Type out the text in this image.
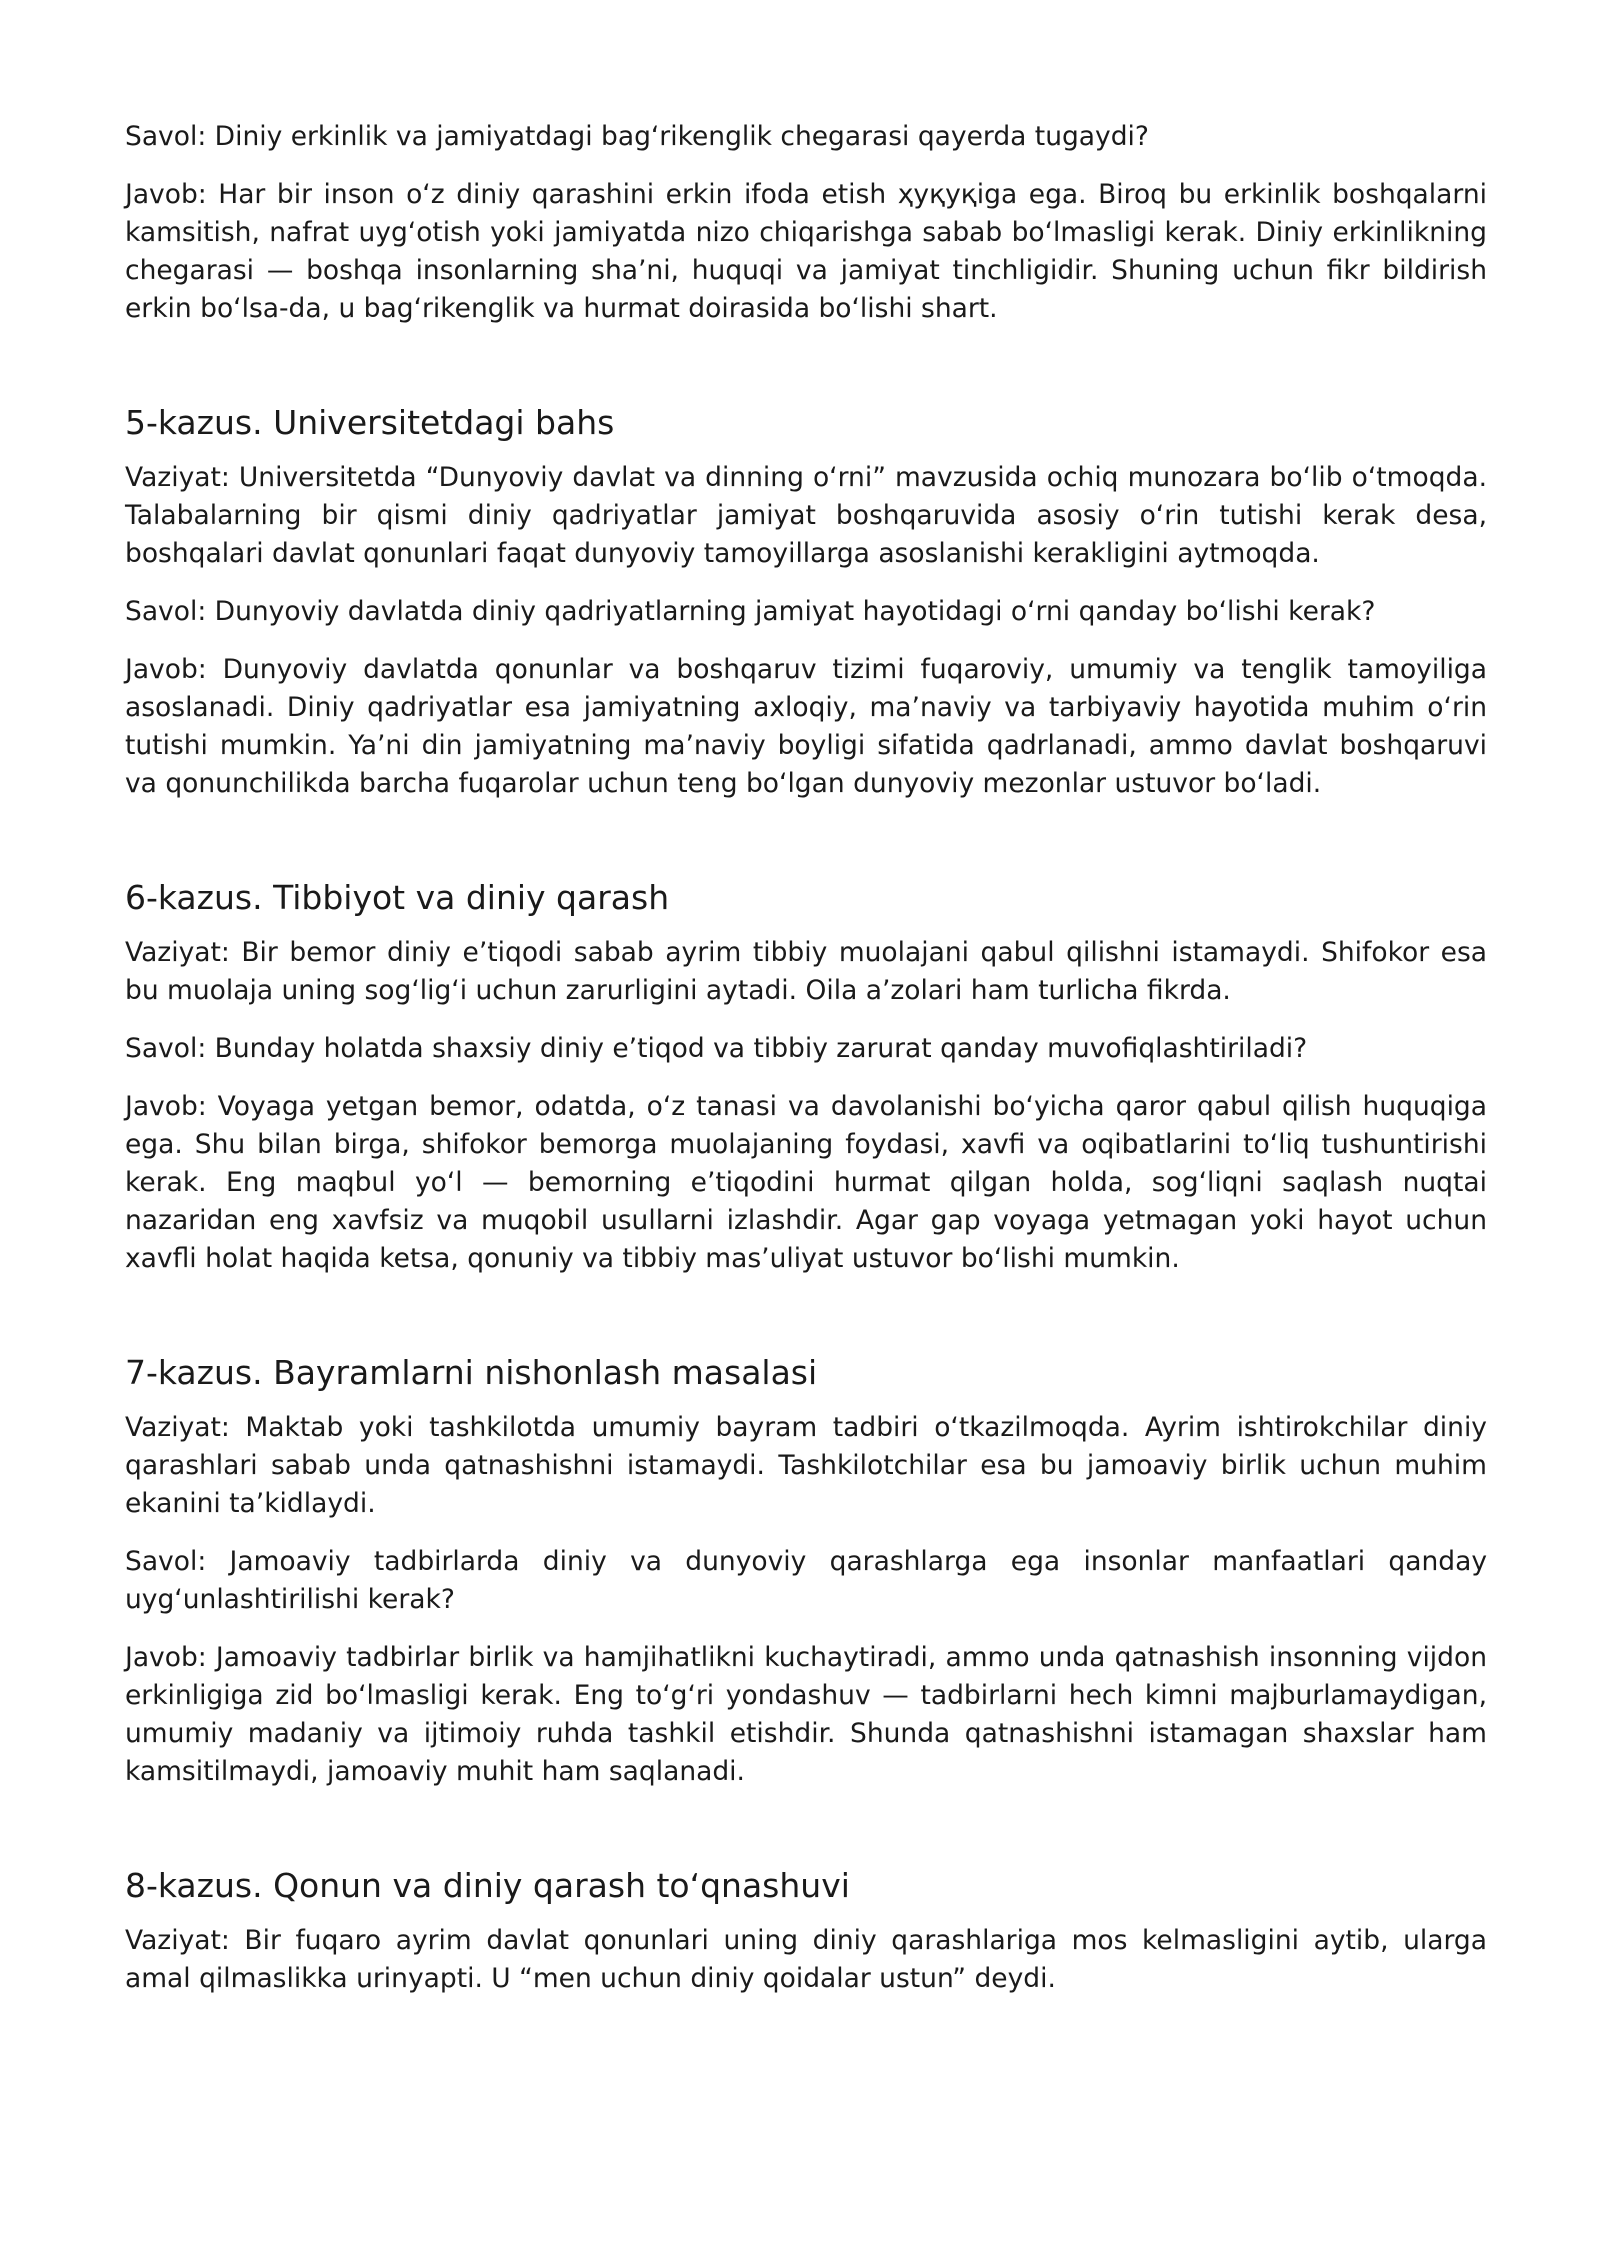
Savol: Diniy erkinlik va jamiyatdagi bag‘rikenglik chegarasi qayerda tugaydi?

Javob: Har bir inson o‘z diniy qarashini erkin ifoda etish ҳуқуқiga ega. Biroq bu erkinlik boshqalarni kamsitish, nafrat uyg‘otish yoki jamiyatda nizo chiqarishga sabab bo‘lmasligi kerak. Diniy erkinlikning chegarasi — boshqa insonlarning sha’ni, huquqi va jamiyat tinchligidir. Shuning uchun fikr bildirish erkin bo‘lsa-da, u bag‘rikenglik va hurmat doirasida bo‘lishi shart.

5-kazus. Universitetdagi bahs

Vaziyat: Universitetda “Dunyoviy davlat va dinning o‘rni” mavzusida ochiq munozara bo‘lib o‘tmoqda. Talabalarning bir qismi diniy qadriyatlar jamiyat boshqaruvida asosiy o‘rin tutishi kerak desa, boshqalari davlat qonunlari faqat dunyoviy tamoyillarga asoslanishi kerakligini aytmoqda.

Savol: Dunyoviy davlatda diniy qadriyatlarning jamiyat hayotidagi o‘rni qanday bo‘lishi kerak?

Javob: Dunyoviy davlatda qonunlar va boshqaruv tizimi fuqaroviy, umumiy va tenglik tamoyiliga asoslanadi. Diniy qadriyatlar esa jamiyatning axloqiy, ma’naviy va tarbiyaviy hayotida muhim o‘rin tutishi mumkin. Ya’ni din jamiyatning ma’naviy boyligi sifatida qadrlanadi, ammo davlat boshqaruvi va qonunchilikda barcha fuqarolar uchun teng bo‘lgan dunyoviy mezonlar ustuvor bo‘ladi.

6-kazus. Tibbiyot va diniy qarash

Vaziyat: Bir bemor diniy e’tiqodi sabab ayrim tibbiy muolajani qabul qilishni istamaydi. Shifokor esa bu muolaja uning sog‘lig‘i uchun zarurligini aytadi. Oila a’zolari ham turlicha fikrda.

Savol: Bunday holatda shaxsiy diniy e’tiqod va tibbiy zarurat qanday muvofiqlashtiriladi?

Javob: Voyaga yetgan bemor, odatda, o‘z tanasi va davolanishi bo‘yicha qaror qabul qilish huquqiga ega. Shu bilan birga, shifokor bemorga muolajaning foydasi, xavfi va oqibatlarini to‘liq tushuntirishi kerak. Eng maqbul yo‘l — bemorning e’tiqodini hurmat qilgan holda, sog‘liqni saqlash nuqtai nazaridan eng xavfsiz va muqobil usullarni izlashdir. Agar gap voyaga yetmagan yoki hayot uchun xavfli holat haqida ketsa, qonuniy va tibbiy mas’uliyat ustuvor bo‘lishi mumkin.

7-kazus. Bayramlarni nishonlash masalasi

Vaziyat: Maktab yoki tashkilotda umumiy bayram tadbiri o‘tkazilmoqda. Ayrim ishtirokchilar diniy qarashlari sabab unda qatnashishni istamaydi. Tashkilotchilar esa bu jamoaviy birlik uchun muhim ekanini ta’kidlaydi.

Savol: Jamoaviy tadbirlarda diniy va dunyoviy qarashlarga ega insonlar manfaatlari qanday uyg‘unlashtirilishi kerak?

Javob: Jamoaviy tadbirlar birlik va hamjihatlikni kuchaytiradi, ammo unda qatnashish insonning vijdon erkinligiga zid bo‘lmasligi kerak. Eng to‘g‘ri yondashuv — tadbirlarni hech kimni majburlamaydigan, umumiy madaniy va ijtimoiy ruhda tashkil etishdir. Shunda qatnashishni istamagan shaxslar ham kamsitilmaydi, jamoaviy muhit ham saqlanadi.

8-kazus. Qonun va diniy qarash to‘qnashuvi

Vaziyat: Bir fuqaro ayrim davlat qonunlari uning diniy qarashlariga mos kelmasligini aytib, ularga amal qilmaslikka urinyapti. U “men uchun diniy qoidalar ustun” deydi.
